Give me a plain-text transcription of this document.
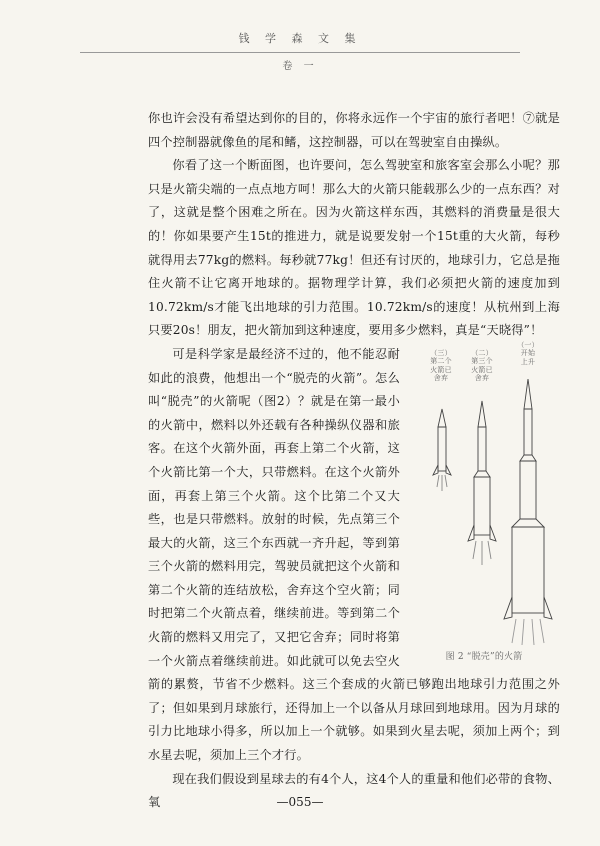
钱 学 森 文 集
卷 一

你也许会没有希望达到你的目的，你将永远作一个宇宙的旅行者吧！⑦就是四个控制器就像鱼的尾和鳍，这控制器，可以在驾驶室自由操纵。

你看了这一个断面图，也许要问，怎么驾驶室和旅客室会那么小呢？那只是火箭尖端的一点点地方呵！那么大的火箭只能载那么少的一点东西？对了，这就是整个困难之所在。因为火箭这样东西，其燃料的消费量是很大的！你如果要产生15t的推进力，就是说要发射一个15t重的大火箭，每秒就得用去77kg的燃料。每秒就77kg！但还有讨厌的，地球引力，它总是拖住火箭不让它离开地球的。据物理学计算，我们必须把火箭的速度加到10.72km/s才能飞出地球的引力范围。10.72km/s的速度！从杭州到上海只要20s！朋友，把火箭加到这种速度，要用多少燃料，真是“天晓得”！

（三）
第二个
火箭已
舍弃
（二）
第三个
火箭已
舍弃
（一）
开始
上升
图 2 “脱壳”的火箭

可是科学家是最经济不过的，他不能忍耐如此的浪费，他想出一个“脱壳的火箭”。怎么叫“脱壳”的火箭呢（图2）？就是在第一最小的火箭中，燃料以外还载有各种操纵仪器和旅客。在这个火箭外面，再套上第二个火箭，这个火箭比第一个大，只带燃料。在这个火箭外面，再套上第三个火箭。这个比第二个又大些，也是只带燃料。放射的时候，先点第三个最大的火箭，这三个东西就一齐升起，等到第三个火箭的燃料用完，驾驶员就把这个火箭和第二个火箭的连结放松，舍弃这个空火箭；同时把第二个火箭点着，继续前进。等到第二个火箭的燃料又用完了，又把它舍弃；同时将第一个火箭点着继续前进。如此就可以免去空火箭的累赘，节省不少燃料。这三个套成的火箭已够跑出地球引力范围之外了；但如果到月球旅行，还得加上一个以备从月球回到地球用。因为月球的引力比地球小得多，所以加上一个就够。如果到火星去呢，须加上两个；到水星去呢，须加上三个才行。

现在我们假设到星球去的有4个人，这4个人的重量和他们必带的食物、氧	—055—
